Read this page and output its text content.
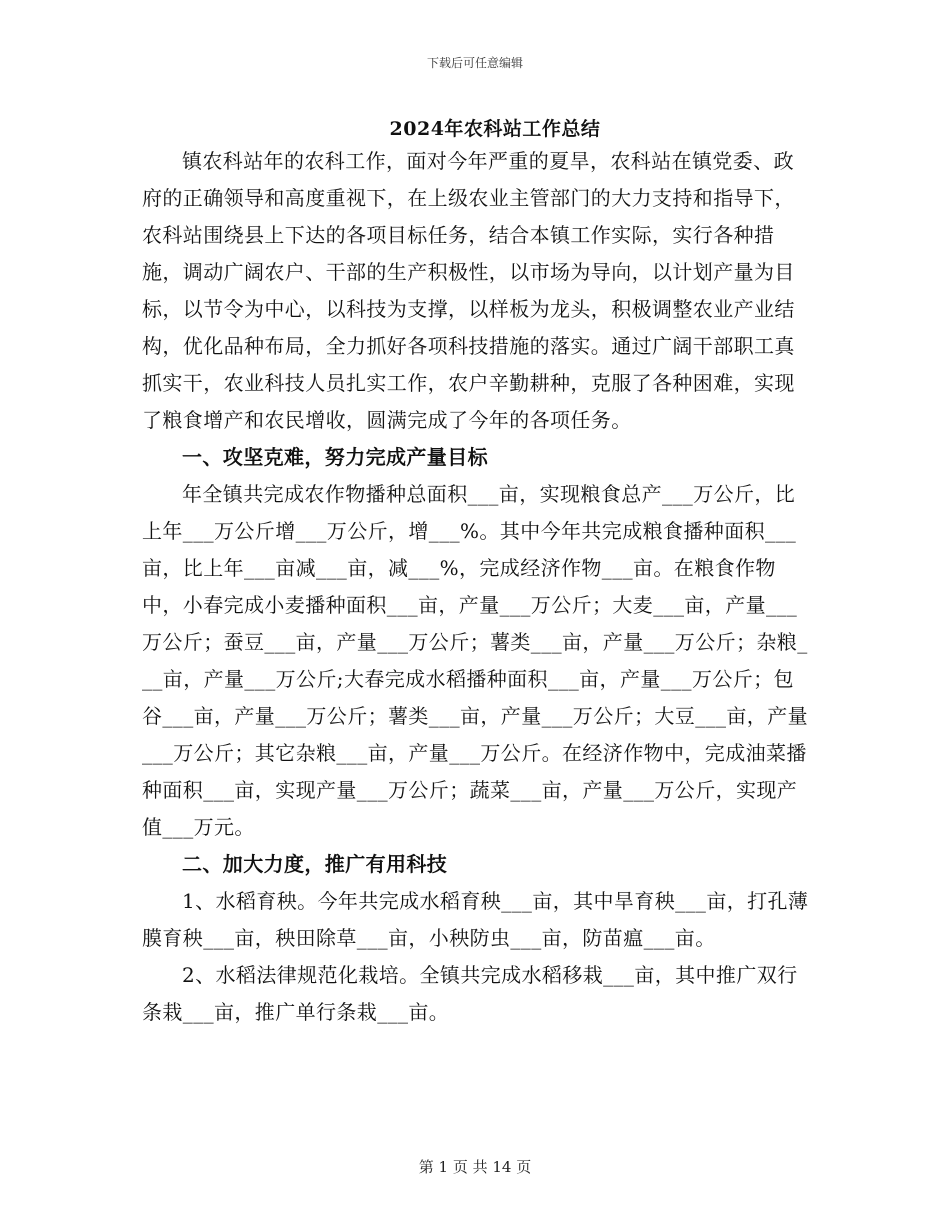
下载后可任意编辑
2024年农科站工作总结

镇农科站年的农科工作，面对今年严重的夏旱，农科站在镇党委、政府的正确领导和高度重视下，在上级农业主管部门的大力支持和指导下，农科站围绕县上下达的各项目标任务，结合本镇工作实际，实行各种措施，调动广阔农户、干部的生产积极性，以市场为导向，以计划产量为目标，以节令为中心，以科技为支撑，以样板为龙头，积极调整农业产业结构，优化品种布局，全力抓好各项科技措施的落实。通过广阔干部职工真抓实干，农业科技人员扎实工作，农户辛勤耕种，克服了各种困难，实现了粮食增产和农民增收，圆满完成了今年的各项任务。

一、攻坚克难，努力完成产量目标

年全镇共完成农作物播种总面积___亩，实现粮食总产___万公斤，比上年___万公斤增___万公斤，增___%。其中今年共完成粮食播种面积___亩，比上年___亩减___亩，减___%，完成经济作物___亩。在粮食作物中，小春完成小麦播种面积___亩，产量___万公斤；大麦___亩，产量___万公斤；蚕豆___亩，产量___万公斤；薯类___亩，产量___万公斤；杂粮___亩，产量___万公斤;大春完成水稻播种面积___亩，产量___万公斤；包谷___亩，产量___万公斤；薯类___亩，产量___万公斤；大豆___亩，产量___万公斤；其它杂粮___亩，产量___万公斤。在经济作物中，完成油菜播种面积___亩，实现产量___万公斤；蔬菜___亩，产量___万公斤，实现产值___万元。

二、加大力度，推广有用科技

1、水稻育秧。今年共完成水稻育秧___亩，其中旱育秧___亩，打孔薄膜育秧___亩，秧田除草___亩，小秧防虫___亩，防苗瘟___亩。

2、水稻法律规范化栽培。全镇共完成水稻移栽___亩，其中推广双行条栽___亩，推广单行条栽___亩。

第 1 页 共 14 页
